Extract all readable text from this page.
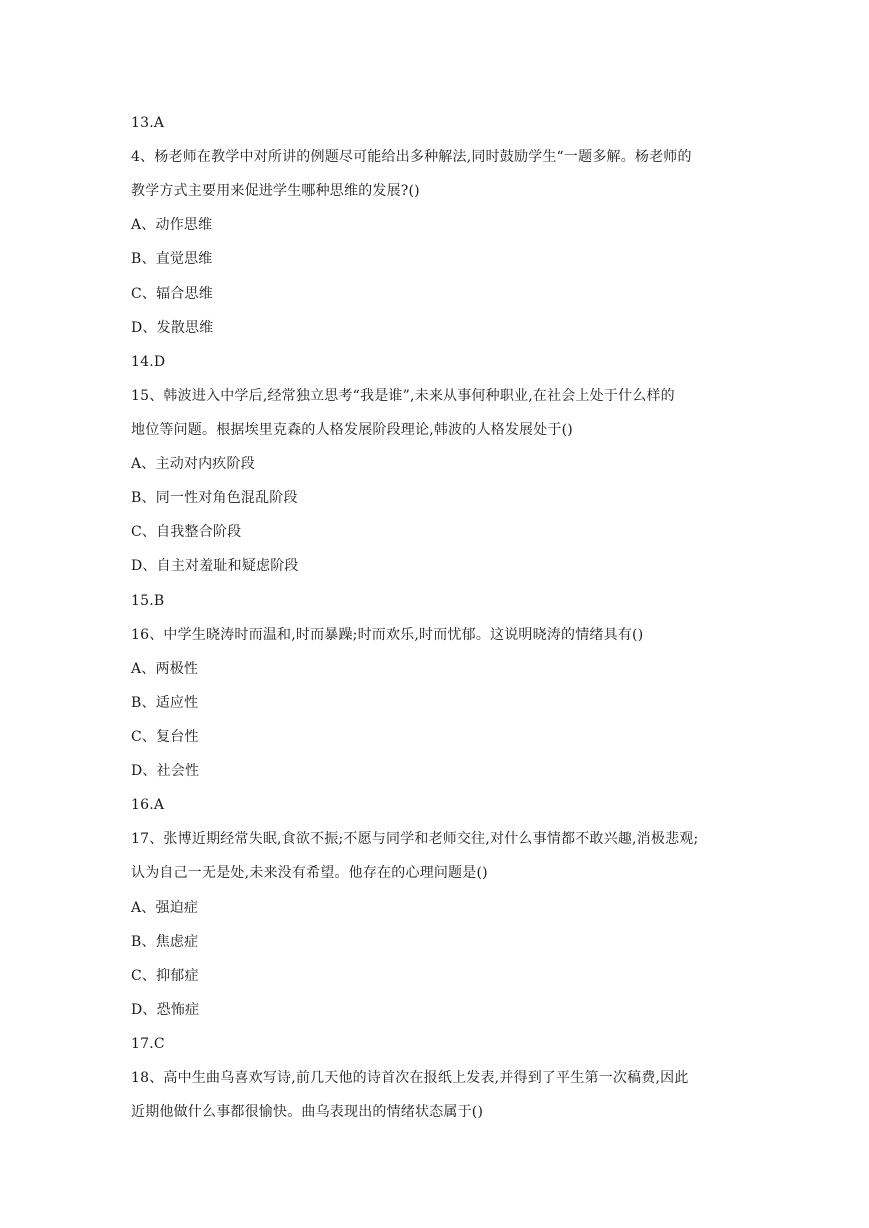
13.A
4、杨老师在教学中对所讲的例题尽可能给出多种解法,同时鼓励学生“一题多解。杨老师的
教学方式主要用来促进学生哪种思维的发展?()
A、动作思维
B、直觉思维
C、辐合思维
D、发散思维
14.D
15、韩波进入中学后,经常独立思考“我是谁”,未来从事何种职业,在社会上处于什么样的
地位等问题。根据埃里克森的人格发展阶段理论,韩波的人格发展处于()
A、主动对内疚阶段
B、同一性对角色混乱阶段
C、自我整合阶段
D、自主对羞耻和疑虑阶段
15.B
16、中学生晓涛时而温和,时而暴躁;时而欢乐,时而忧郁。这说明晓涛的情绪具有()
A、两极性
B、适应性
C、复台性
D、社会性
16.A
17、张博近期经常失眠,食欲不振;不愿与同学和老师交往,对什么事情都不敢兴趣,消极悲观;
认为自己一无是处,未来没有希望。他存在的心理问题是()
A、强迫症
B、焦虑症
C、抑郁症
D、恐怖症
17.C
18、高中生曲乌喜欢写诗,前几天他的诗首次在报纸上发表,并得到了平生第一次稿费,因此
近期他做什么事都很愉快。曲乌表现出的情绪状态属于()
